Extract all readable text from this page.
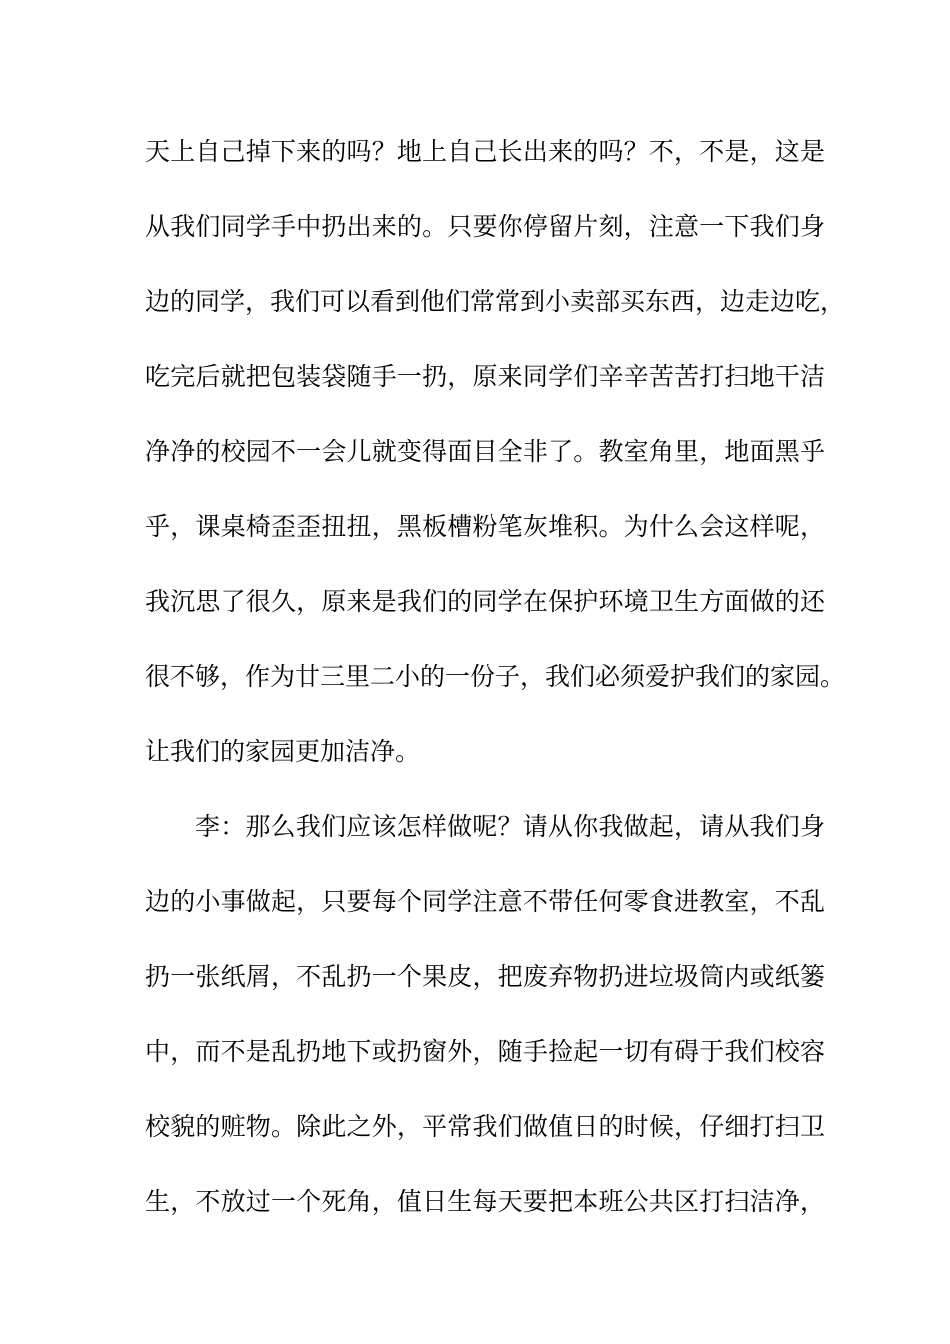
天上自己掉下来的吗？地上自己长出来的吗？不，不是，这是
从我们同学手中扔出来的。只要你停留片刻，注意一下我们身
边的同学，我们可以看到他们常常到小卖部买东西，边走边吃，
吃完后就把包装袋随手一扔，原来同学们辛辛苦苦打扫地干洁
净净的校园不一会儿就变得面目全非了。教室角里，地面黑乎
乎，课桌椅歪歪扭扭，黑板槽粉笔灰堆积。为什么会这样呢，
我沉思了很久，原来是我们的同学在保护环境卫生方面做的还
很不够，作为廿三里二小的一份子，我们必须爱护我们的家园。
让我们的家园更加洁净。
李：那么我们应该怎样做呢？请从你我做起，请从我们身
边的小事做起，只要每个同学注意不带任何零食进教室，不乱
扔一张纸屑，不乱扔一个果皮，把废弃物扔进垃圾筒内或纸篓
中，而不是乱扔地下或扔窗外，随手捡起一切有碍于我们校容
校貌的赃物。除此之外，平常我们做值日的时候，仔细打扫卫
生，不放过一个死角，值日生每天要把本班公共区打扫洁净，
